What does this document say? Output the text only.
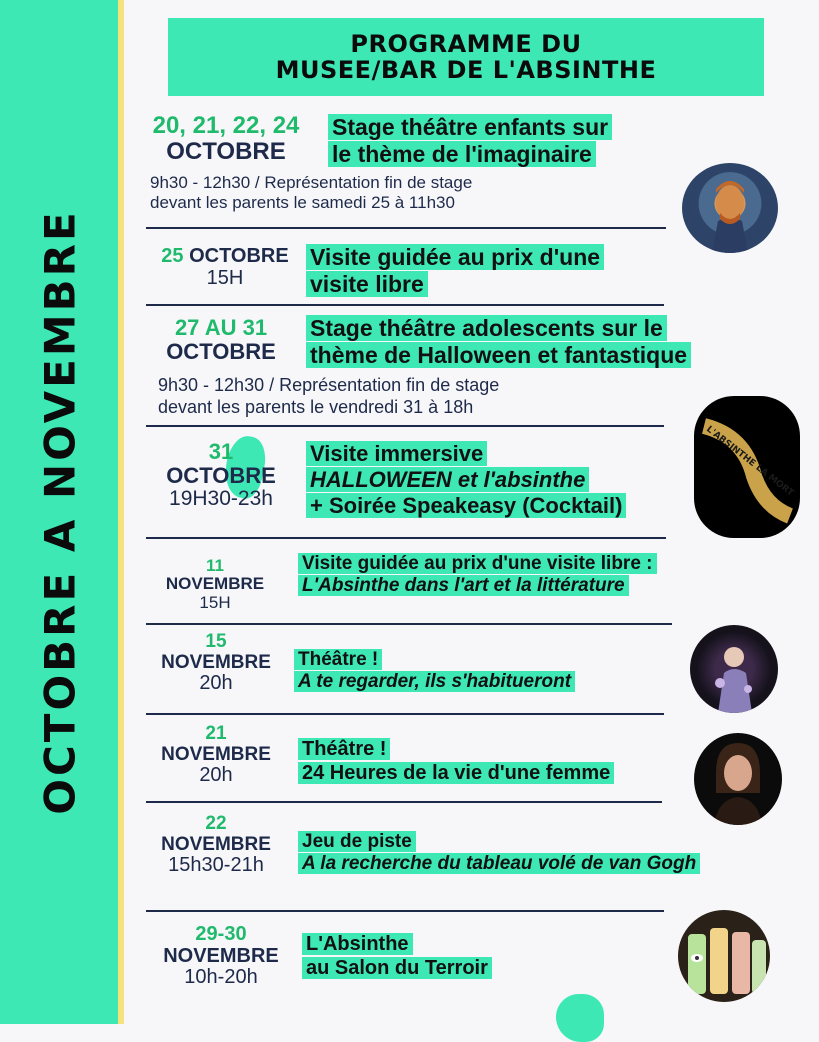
OCTOBRE A NOVEMBRE
PROGRAMME DU
MUSEE/BAR DE L'ABSINTHE
20, 21, 22, 24
OCTOBRE
Stage théâtre enfants sur
le thème de l'imaginaire
9h30 - 12h30 / Représentation fin de stage
devant les parents le samedi 25 à 11h30
25 OCTOBRE
15H
Visite guidée au prix d'une
visite libre
27 AU 31
OCTOBRE
Stage théâtre adolescents sur le
thème de Halloween et fantastique
9h30 - 12h30 / Représentation fin de stage
devant les parents le vendredi 31 à 18h
31
OCTOBRE
19H30-23h
Visite immersive
HALLOWEEN et l'absinthe
+ Soirée Speakeasy (Cocktail)
L'ABSINTHE LA MORT
11
NOVEMBRE
15H
Visite guidée au prix d'une visite libre :
L'Absinthe dans l'art et la littérature
15
NOVEMBRE
20h
Théâtre !
A te regarder, ils s'habitueront
21
NOVEMBRE
20h
Théâtre !
24 Heures de la vie d'une femme
22
NOVEMBRE
15h30-21h
Jeu de piste
A la recherche du tableau volé de van Gogh
29-30
NOVEMBRE
10h-20h
L'Absinthe
au Salon du Terroir
